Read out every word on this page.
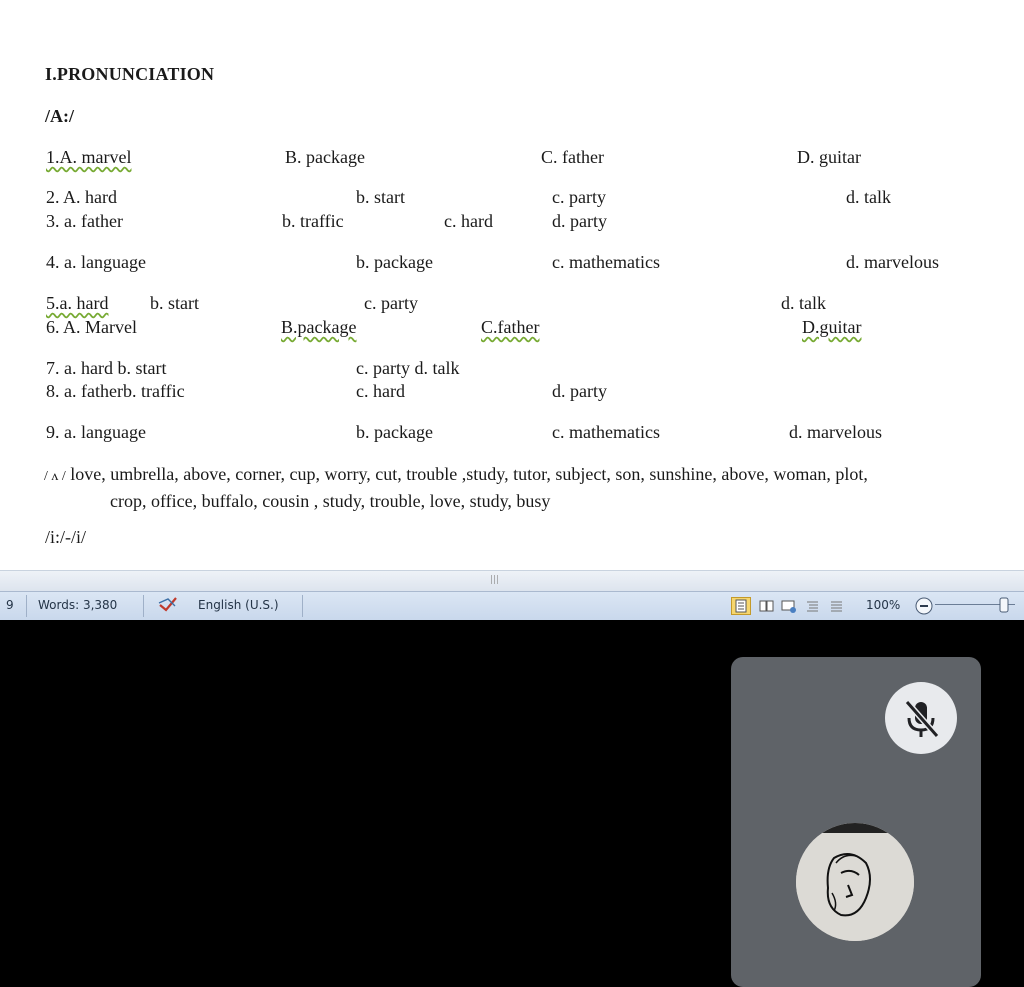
I.PRONUNCIATION
/A:/
1.A. marvel	B. package	C. father	D. guitar
2. A. hard	b. start	c. party	d. talk
3. a. father	b. traffic	c. hard	d. party
4. a. language	b. package	c. mathematics	d. marvelous
5.a. hard b. start	c. party	d. talk
6. A. Marvel	B.package	C.father	D.guitar
7. a. hard b. start	c. party d. talk
8. a. fatherb. traffic	c. hard	d. party
9. a. language	b. package	c. mathematics	d. marvelous
/ ʌ / love, umbrella, above, corner, cup, worry, cut, trouble ,study, tutor, subject, son, sunshine, above, woman, plot,
crop, office, buffalo, cousin , study, trouble, love, study, busy
/i:/-/i/
|||
9 Words: 3,380	English (U.S.)	100%
